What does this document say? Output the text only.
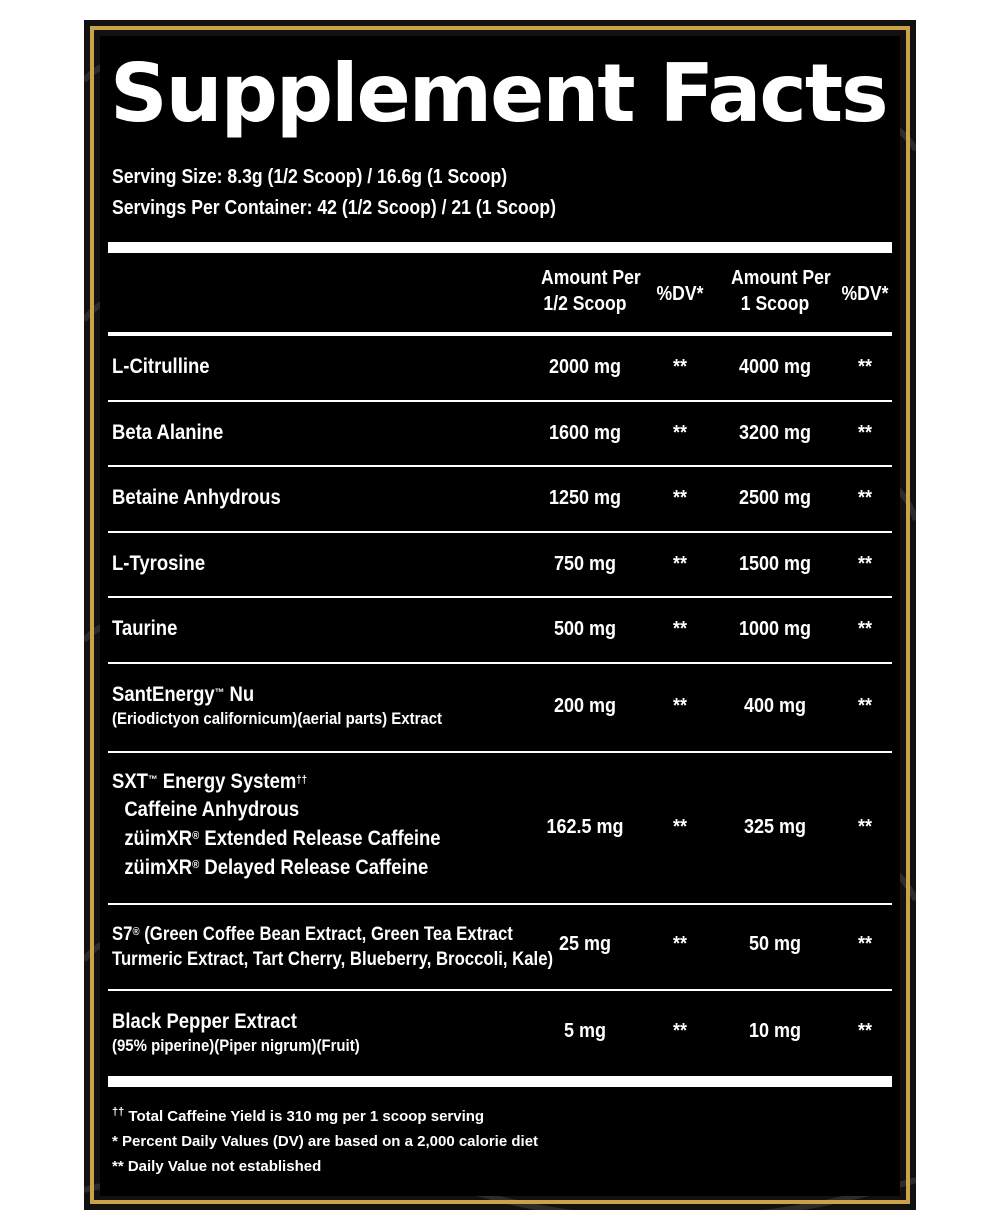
Supplement Facts
Serving Size: 8.3g (1/2 Scoop) / 16.6g (1 Scoop)
Servings Per Container: 42 (1/2 Scoop) / 21 (1 Scoop)
Amount Per
1/2 Scoop	%DV*
Amount Per
1 Scoop	%DV*
L-Citrulline	2000 mg	**	4000 mg	**
Beta Alanine	1600 mg	**	3200 mg	**
Betaine Anhydrous	1250 mg	**	2500 mg	**
L-Tyrosine	750 mg	**	1500 mg	**
Taurine	500 mg	**	1000 mg	**
SantEnergy™ Nu
(Eriodictyon californicum)(aerial parts) Extract
200 mg	**	400 mg	**
SXT™ Energy System††
Caffeine Anhydrous
züimXR® Extended Release Caffeine
züimXR® Delayed Release Caffeine
162.5 mg	**	325 mg	**
S7® (Green Coffee Bean Extract, Green Tea Extract
Turmeric Extract, Tart Cherry, Blueberry, Broccoli, Kale)
25 mg	**	50 mg	**
Black Pepper Extract
(95% piperine)(Piper nigrum)(Fruit)
5 mg	**	10 mg	**
†† Total Caffeine Yield is 310 mg per 1 scoop serving
* Percent Daily Values (DV) are based on a 2,000 calorie diet
** Daily Value not established
